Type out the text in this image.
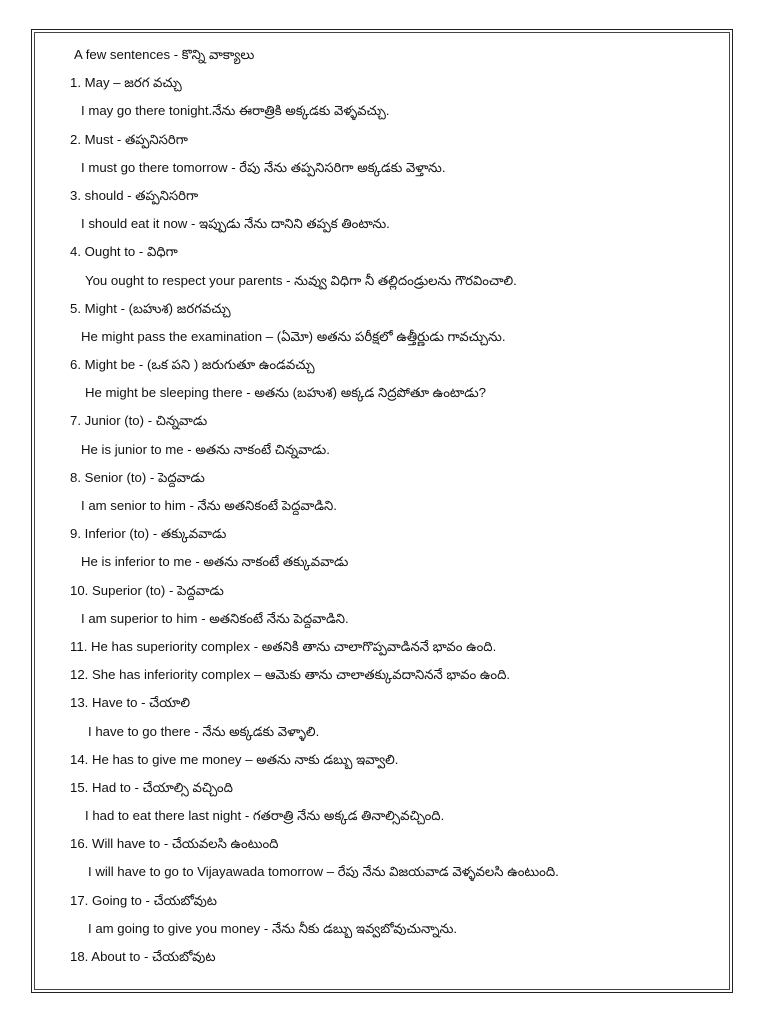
A few sentences - కొన్ని వాక్యాలు
1. May – జరగ వచ్చు
I may go there tonight.నేను ఈరాత్రికి అక్కడకు వెళ్ళవచ్చు.
2. Must - తప్పనిసరిగా
I must go there tomorrow - రేపు నేను తప్పనిసరిగా అక్కడకు వెళ్తాను.
3. should - తప్పనిసరిగా
I should eat it now - ఇప్పుడు నేను దానిని తప్పక తింటాను.
4. Ought to - విధిగా
You ought to respect your parents - నువ్వు విధిగా నీ తల్లిదండ్రులను గౌరవించాలి.
5. Might - (బహుశ) జరగవచ్చు
He might pass the examination – (ఏమో) అతను పరీక్షలో ఉత్తీర్ణుడు గావచ్చును.
6. Might be - (ఒక పని ) జరుగుతూ ఉండవచ్చు
He might be sleeping there - అతను (బహుశ) అక్కడ నిద్రపోతూ ఉంటాడు?
7. Junior (to) - చిన్నవాడు
He is junior to me - అతను నాకంటే చిన్నవాడు.
8. Senior (to) - పెద్దవాడు
I am senior to him - నేను అతనికంటే పెద్దవాడిని.
9. Inferior (to) - తక్కువవాడు
He is inferior to me - అతను నాకంటే తక్కువవాడు
10. Superior (to) - పెద్దవాడు
I am superior to him - అతనికంటే నేను పెద్దవాడిని.
11. He has superiority complex - అతనికి తాను చాలాగొప్పవాడిననే భావం ఉంది.
12. She has inferiority complex – ఆమెకు తాను చాలాతక్కువదానిననే భావం ఉంది.
13. Have to - చేయాలి
I have to go there - నేను అక్కడకు వెళ్ళాలి.
14. He has to give me money – అతను నాకు డబ్బు ఇవ్వాలి.
15. Had to - చేయాల్సి వచ్చింది
I had to eat there last night - గతరాత్రి నేను అక్కడ తినాల్సివచ్చింది.
16. Will have to - చేయవలసి ఉంటుంది
I will have to go to Vijayawada tomorrow – రేపు నేను విజయవాడ వెళ్ళవలసి ఉంటుంది.
17. Going to - చేయబోవుట
I am going to give you money - నేను నీకు డబ్బు ఇవ్వబోవుచున్నాను.
18. About to - చేయబోవుట
